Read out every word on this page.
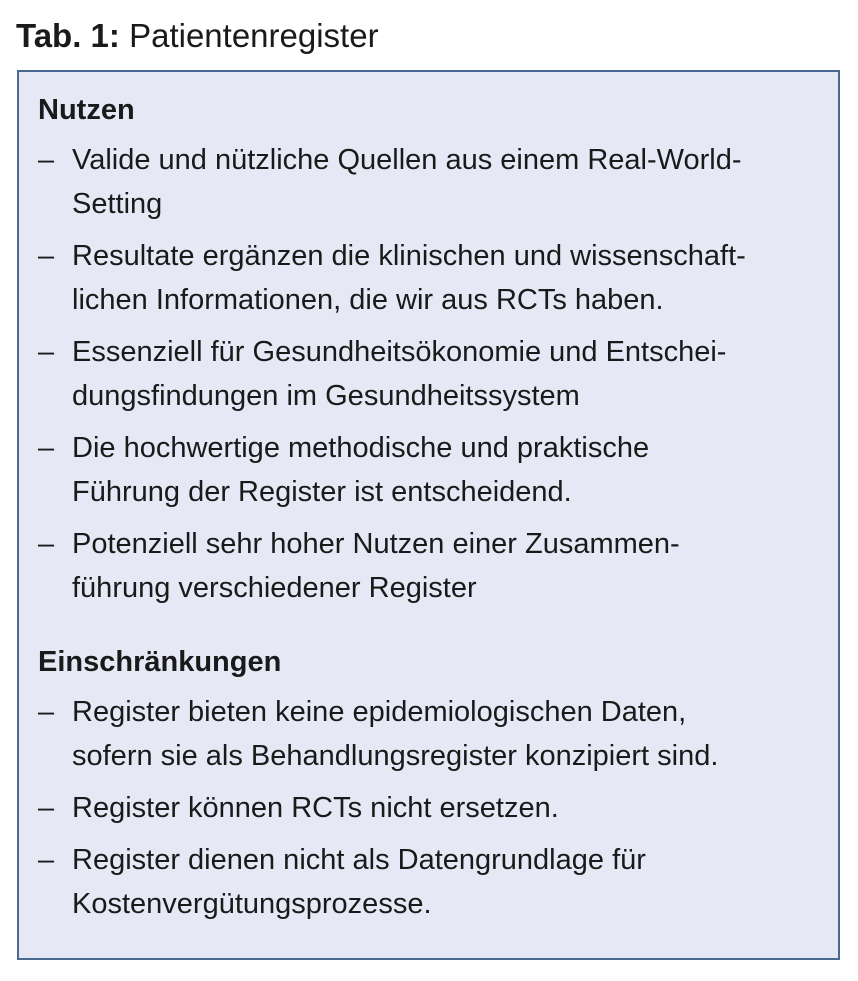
Tab. 1: Patientenregister

Nutzen

– Valide und nützliche Quellen aus einem Real-World-
Setting
– Resultate ergänzen die klinischen und wissenschaft-
lichen Informationen, die wir aus RCTs haben.
– Essenziell für Gesundheitsökonomie und Entschei-
dungsfindungen im Gesundheitssystem
– Die hochwertige methodische und praktische
Führung der Register ist entscheidend.
– Potenziell sehr hoher Nutzen einer Zusammen-
führung verschiedener Register

Einschränkungen

– Register bieten keine epidemiologischen Daten,
sofern sie als Behandlungsregister konzipiert sind.
– Register können RCTs nicht ersetzen.
– Register dienen nicht als Datengrundlage für
Kostenvergütungsprozesse.
